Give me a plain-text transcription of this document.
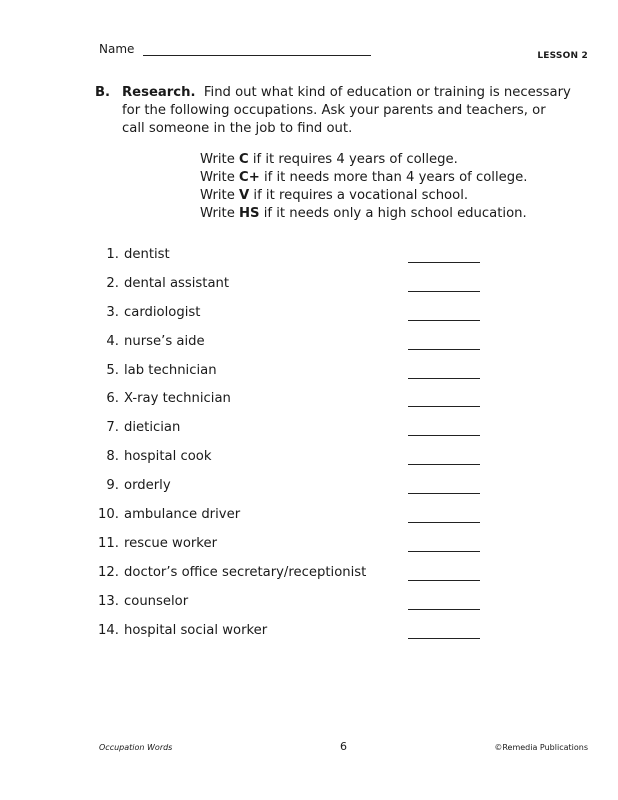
Name	LESSON 2
B. Research. Find out what kind of education or training is necessary
for the following occupations. Ask your parents and teachers, or
call someone in the job to find out.
Write C if it requires 4 years of college.
Write C+ if it needs more than 4 years of college.
Write V if it requires a vocational school.
Write HS if it needs only a high school education.
1. dentist
2. dental assistant
3. cardiologist
4. nurse’s aide
5. lab technician
6. X-ray technician
7. dietician
8. hospital cook
9. orderly
10. ambulance driver
11. rescue worker
12. doctor’s office secretary/receptionist
13. counselor
14. hospital social worker
Occupation Words	6	©Remedia Publications
